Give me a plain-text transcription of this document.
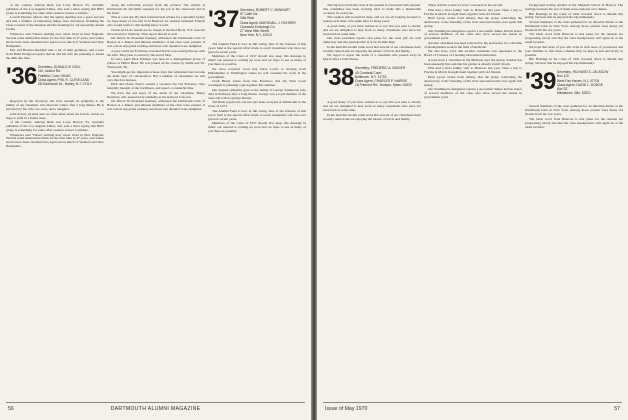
of the country. Among them was Larry Herron '33, currently publisher of the Los Angeles Times, who sent a letter saying that Bill's group is something for some other reunion classes to imitate.

Lowell Thomas reflects that the spring meeting was a great success and that a number of interesting things were discussed, including the Class Council of the Reunion and the planning for our upcoming annual events.

Whenever said 'There's nothing new' never lived in New England. We had some memorable times for the first time in 37 years, and winter snows have been extended into April across much of Vermont and New Hampshire.

Petr and Barbara Rudolph take a bit of their grandson, and a note from Brian Hodgson reports that he and his wife are planning to attend the 40th this June.

'36 Secretary, DONALD B. DOLL
110 Judson Rd.
Fairfield, Conn. 06430
Class Agent, PHIL R. CLEVELAND
28 Dartmouth Dr., Nutley, N.J. 07110

Reported by the Secretary: the class extends its sympathy to the family of our classmate who died last winter after a long illness. He is survived by his wife, two sons, and a daughter.

John Severy recently sent us a fine letter about his travels, which we hope to print in a future issue.

of the country. Among them was Larry Herron '33, currently publisher of the Los Angeles Times, who sent a letter saying that Bill's group is something for some other reunion classes to imitate.

Whenever said 'There's nothing new' never lived in New England. We had some memorable times for the first time in 37 years, and winter snows have been extended into April across much of Vermont and New Hampshire.

along the following excerpt from the preface, 'We admire at Dartmouth the discipline required for the job in the classroom and in the field.'

This is a sad day. By most fraternal best wishes for a splendid spring; we hope many of you will be in Hanover for reunion weekend. Friends who would relate to that feeling know it well.

Chuck and Lois Austin are no longer in the Red Hook, N.Y. area but have moved to Vermont. They report that all is well.

On March 30 President Kemeny addressed the Dartmouth Club of Boston at a dinner, and thirteen members of the class were present. It was a most enjoyable evening and those who attended were delighted.

A post card from Ed Stitzer revealed that he was touring Europe with his wife. They plan to return by the end of May.

In early April Dick Whitten was here in a distinguished group of golfers at Hilton Head. He was joined on the course by Smith and Vic Wentworth '36.

You might get the impression these days that retirement has become the main topic of conversation. But a number of classmates are still very much in harness.

Dick and Dodie Taylor wanted a vacation trip last February; they naturally thought of the Caribbean, and report a wonderful time.

We have the sad news of the death of our classmate, Henry Newbury, who passed away suddenly at his home in Concord.

On March 30 President Kemeny addressed the Dartmouth Club of Boston at a dinner, and thirteen members of the class were present. It was a most enjoyable evening and those who attended were delighted.

'37 Secretary, ROBERT C. BANKART
97 Calle Iris
Villa Real
Class Agent, MARSHALL J. ROHRER
Ciancarla Exchange Co.
27 West 55th Street
New York, N.Y. 10019

The Alumni Fund is now in full swing. One of the features of this year's fund is the special effort made to reach classmates who have not given in recent years.

Members of the Class of 1937 should also keep this message in mind: our reunion is coming up soon and we hope to see as many of you there as possible.

We have received word that Dave Lewis is moving from Philadelphia to Washington where he will continue his work in the government.

Clark Hinds writes from San Francisco that the West Coast contingent is planning a get-together this summer.

Our deepest sympathy goes to the family of George Sanderson, who died in February after a long illness. George was a loyal member of the class and will be greatly missed.

Ted Bush reports his son has just been accepted at Dartmouth in the Class of 1974.

The Alumni Fund is now in full swing. One of the features of this year's fund is the special effort made to reach classmates who have not given in recent years.

Members of the Class of 1937 should also keep this message in mind: our reunion is coming up soon and we hope to see as many of you there as possible.

56	DARTMOUTH ALUMNI MAGAZINE

The big news from the class at the present is concerned with reunion. Our committee has been working hard to make this a memorable occasion for everyone.

The reunion will be held in June, and we are all looking forward to seeing each other once again after so many years.

A good many of you have written in to say that you plan to attend, and we are delighted to hear from so many classmates who have not been back in some time.

Our class president reports that plans for the class gift are well underway and that participation is at an all-time high.

In the mail this month came word that several of our classmates have recently retired and are enjoying the leisure of travel and family.

We regret to report the death of a classmate who passed away in March after a brief illness.

'38 Secretary, FREDERIC A. BIGGER
40 Cornwall Court
Baltimore, N.Y. 11702
Class Agent, CHARLES P. HARRIS
18 Fremont Rd., Hudson, Mass. 01520

A good many of you have written in to say that you plan to attend, and we are delighted to hear from so many classmates who have not been back in some time.

In the mail this month came word that several of our classmates have recently retired and are enjoying the leisure of travel and family.

These articles so that we were convened on the second.

Ellis had a short family visit to Hanover last year. Then a trip to Florida in March brought them together with old friends.

Herb Lyons writes from Albany that the group celebrating the anniversary of the founding of the class association met once again this spring.

Our Washington delegation reports a successful dinner held in honor of several members of the class who have served the nation in government posts.

Another classmate has been honored by his profession for a lifetime of distinguished work in the field of medicine.

We also have word that another classmate was appointed to the Board of Trustees of a leading educational institution.

A note from a classmate in the Midwest says the spring weather has been unusually fine and that his garden is already in full bloom.

Ellis had a short family visit to Hanover last year. Then a trip to Florida in March brought them together with old friends.

Herb Lyons writes from Albany that the group celebrating the anniversary of the founding of the class association met once again this spring.

Our Washington delegation reports a successful dinner held in honor of several members of the class who have served the nation in government posts.

background having studied at the Museum School in Boston. The feelings between the two of them were explored over dinner.

Bill Hastings in the Class of 1941 traveled down to Miami this spring. We hear that he enjoyed the trip immensely.

Several members of the class gathered for an informal dinner at the Dartmouth Club in New York. Among those present were many old friends from the war years.

The latest word from Hanover is that plans for the reunion are progressing nicely and that the class headquarters will again be at the usual location.

We hope that more of you will write in with news of yourselves and your families so that these columns may be kept as full and lively as possible.

Bill Hastings in the Class of 1941 traveled down to Miami this spring. We hear that he enjoyed the trip immensely.

'39 Secretary, RICHARD S. JACKSON
Box 115
West Fair Haven, N.J. 07704
Class Agent, DAVID L. DODGE
Box 32
Milwaukee, Wis. 53201

Several members of the class gathered for an informal dinner at the Dartmouth Club in New York. Among those present were many old friends from the war years.

The latest word from Hanover is that plans for the reunion are progressing nicely and that the class headquarters will again be at the usual location.

Issue of May 1970	57
